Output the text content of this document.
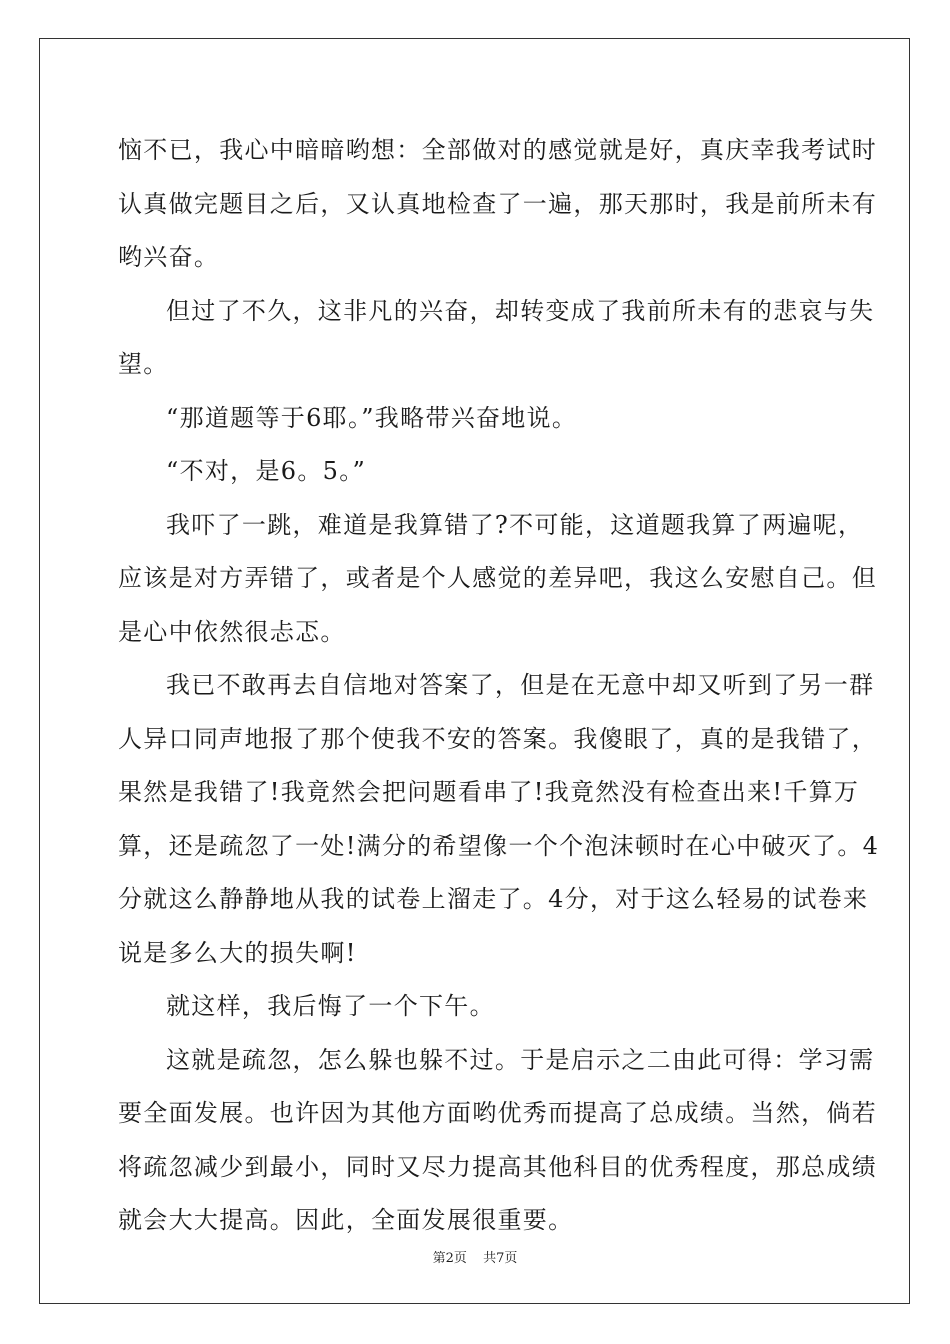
恼不已，我心中暗暗哟想：全部做对的感觉就是好，真庆幸我考试时
认真做完题目之后，又认真地检查了一遍，那天那时，我是前所未有
哟兴奋。
但过了不久，这非凡的兴奋，却转变成了我前所未有的悲哀与失
望。
“那道题等于6耶。”我略带兴奋地说。
“不对，是6。5。”
我吓了一跳，难道是我算错了?不可能，这道题我算了两遍呢，
应该是对方弄错了，或者是个人感觉的差异吧，我这么安慰自己。但
是心中依然很忐忑。
我已不敢再去自信地对答案了，但是在无意中却又听到了另一群
人异口同声地报了那个使我不安的答案。我傻眼了，真的是我错了，
果然是我错了!我竟然会把问题看串了!我竟然没有检查出来!千算万
算，还是疏忽了一处!满分的希望像一个个泡沫顿时在心中破灭了。4
分就这么静静地从我的试卷上溜走了。4分，对于这么轻易的试卷来
说是多么大的损失啊!
就这样，我后悔了一个下午。
这就是疏忽，怎么躲也躲不过。于是启示之二由此可得：学习需
要全面发展。也许因为其他方面哟优秀而提高了总成绩。当然，倘若
将疏忽减少到最小，同时又尽力提高其他科目的优秀程度，那总成绩
就会大大提高。因此，全面发展很重要。
第2页 共7页
